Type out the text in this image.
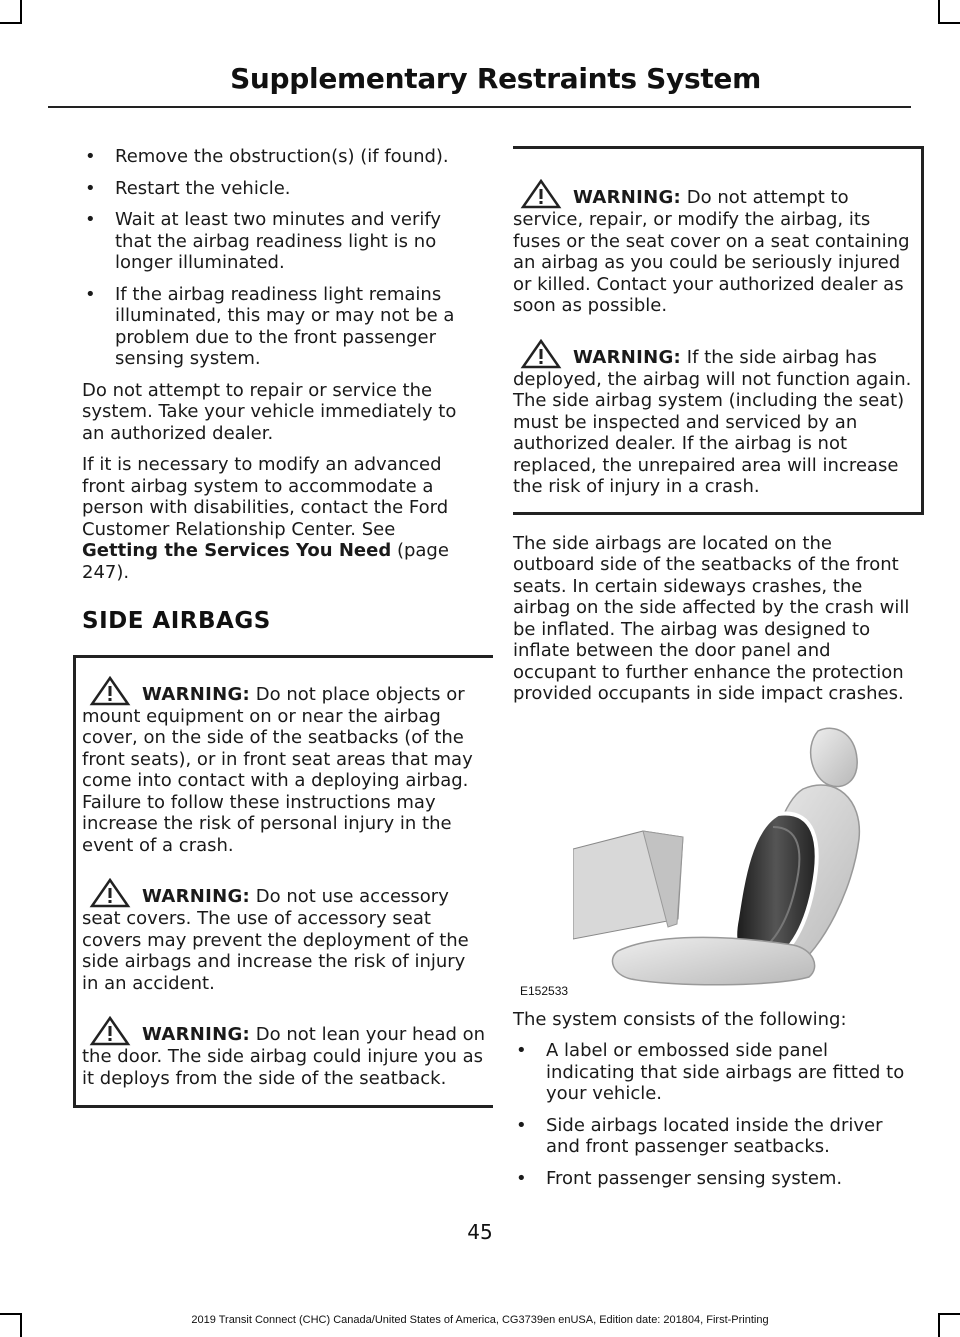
Supplementary Restraints System
• Remove the obstruction(s) (if found).
• Restart the vehicle.
• Wait at least two minutes and verify that the airbag readiness light is no longer illuminated.
• If the airbag readiness light remains illuminated, this may or may not be a problem due to the front passenger sensing system.

Do not attempt to repair or service the system. Take your vehicle immediately to an authorized dealer.

If it is necessary to modify an advanced front airbag system to accommodate a person with disabilities, contact the Ford Customer Relationship Center. See
Getting the Services You Need (page 247).

SIDE AIRBAGS
WARNING: Do not place objects or mount equipment on or near the airbag cover, on the side of the seatbacks (of the front seats), or in front seat areas that may come into contact with a deploying airbag. Failure to follow these instructions may increase the risk of personal injury in the event of a crash.
WARNING: Do not use accessory seat covers. The use of accessory seat covers may prevent the deployment of the side airbags and increase the risk of injury in an accident.
WARNING: Do not lean your head on the door. The side airbag could injure you as it deploys from the side of the seatback.
WARNING: Do not attempt to service, repair, or modify the airbag, its fuses or the seat cover on a seat containing an airbag as you could be seriously injured or killed. Contact your authorized dealer as soon as possible.
WARNING: If the side airbag has deployed, the airbag will not function again. The side airbag system (including the seat) must be inspected and serviced by an authorized dealer. If the airbag is not replaced, the unrepaired area will increase the risk of injury in a crash.

The side airbags are located on the outboard side of the seatbacks of the front seats. In certain sideways crashes, the airbag on the side affected by the crash will be inflated. The airbag was designed to inflate between the door panel and occupant to further enhance the protection provided occupants in side impact crashes.

E152533

The system consists of the following:

• A label or embossed side panel indicating that side airbags are fitted to your vehicle.
• Side airbags located inside the driver and front passenger seatbacks.
• Front passenger sensing system.
45
2019 Transit Connect (CHC) Canada/United States of America, CG3739en enUSA, Edition date: 201804, First-Printing
